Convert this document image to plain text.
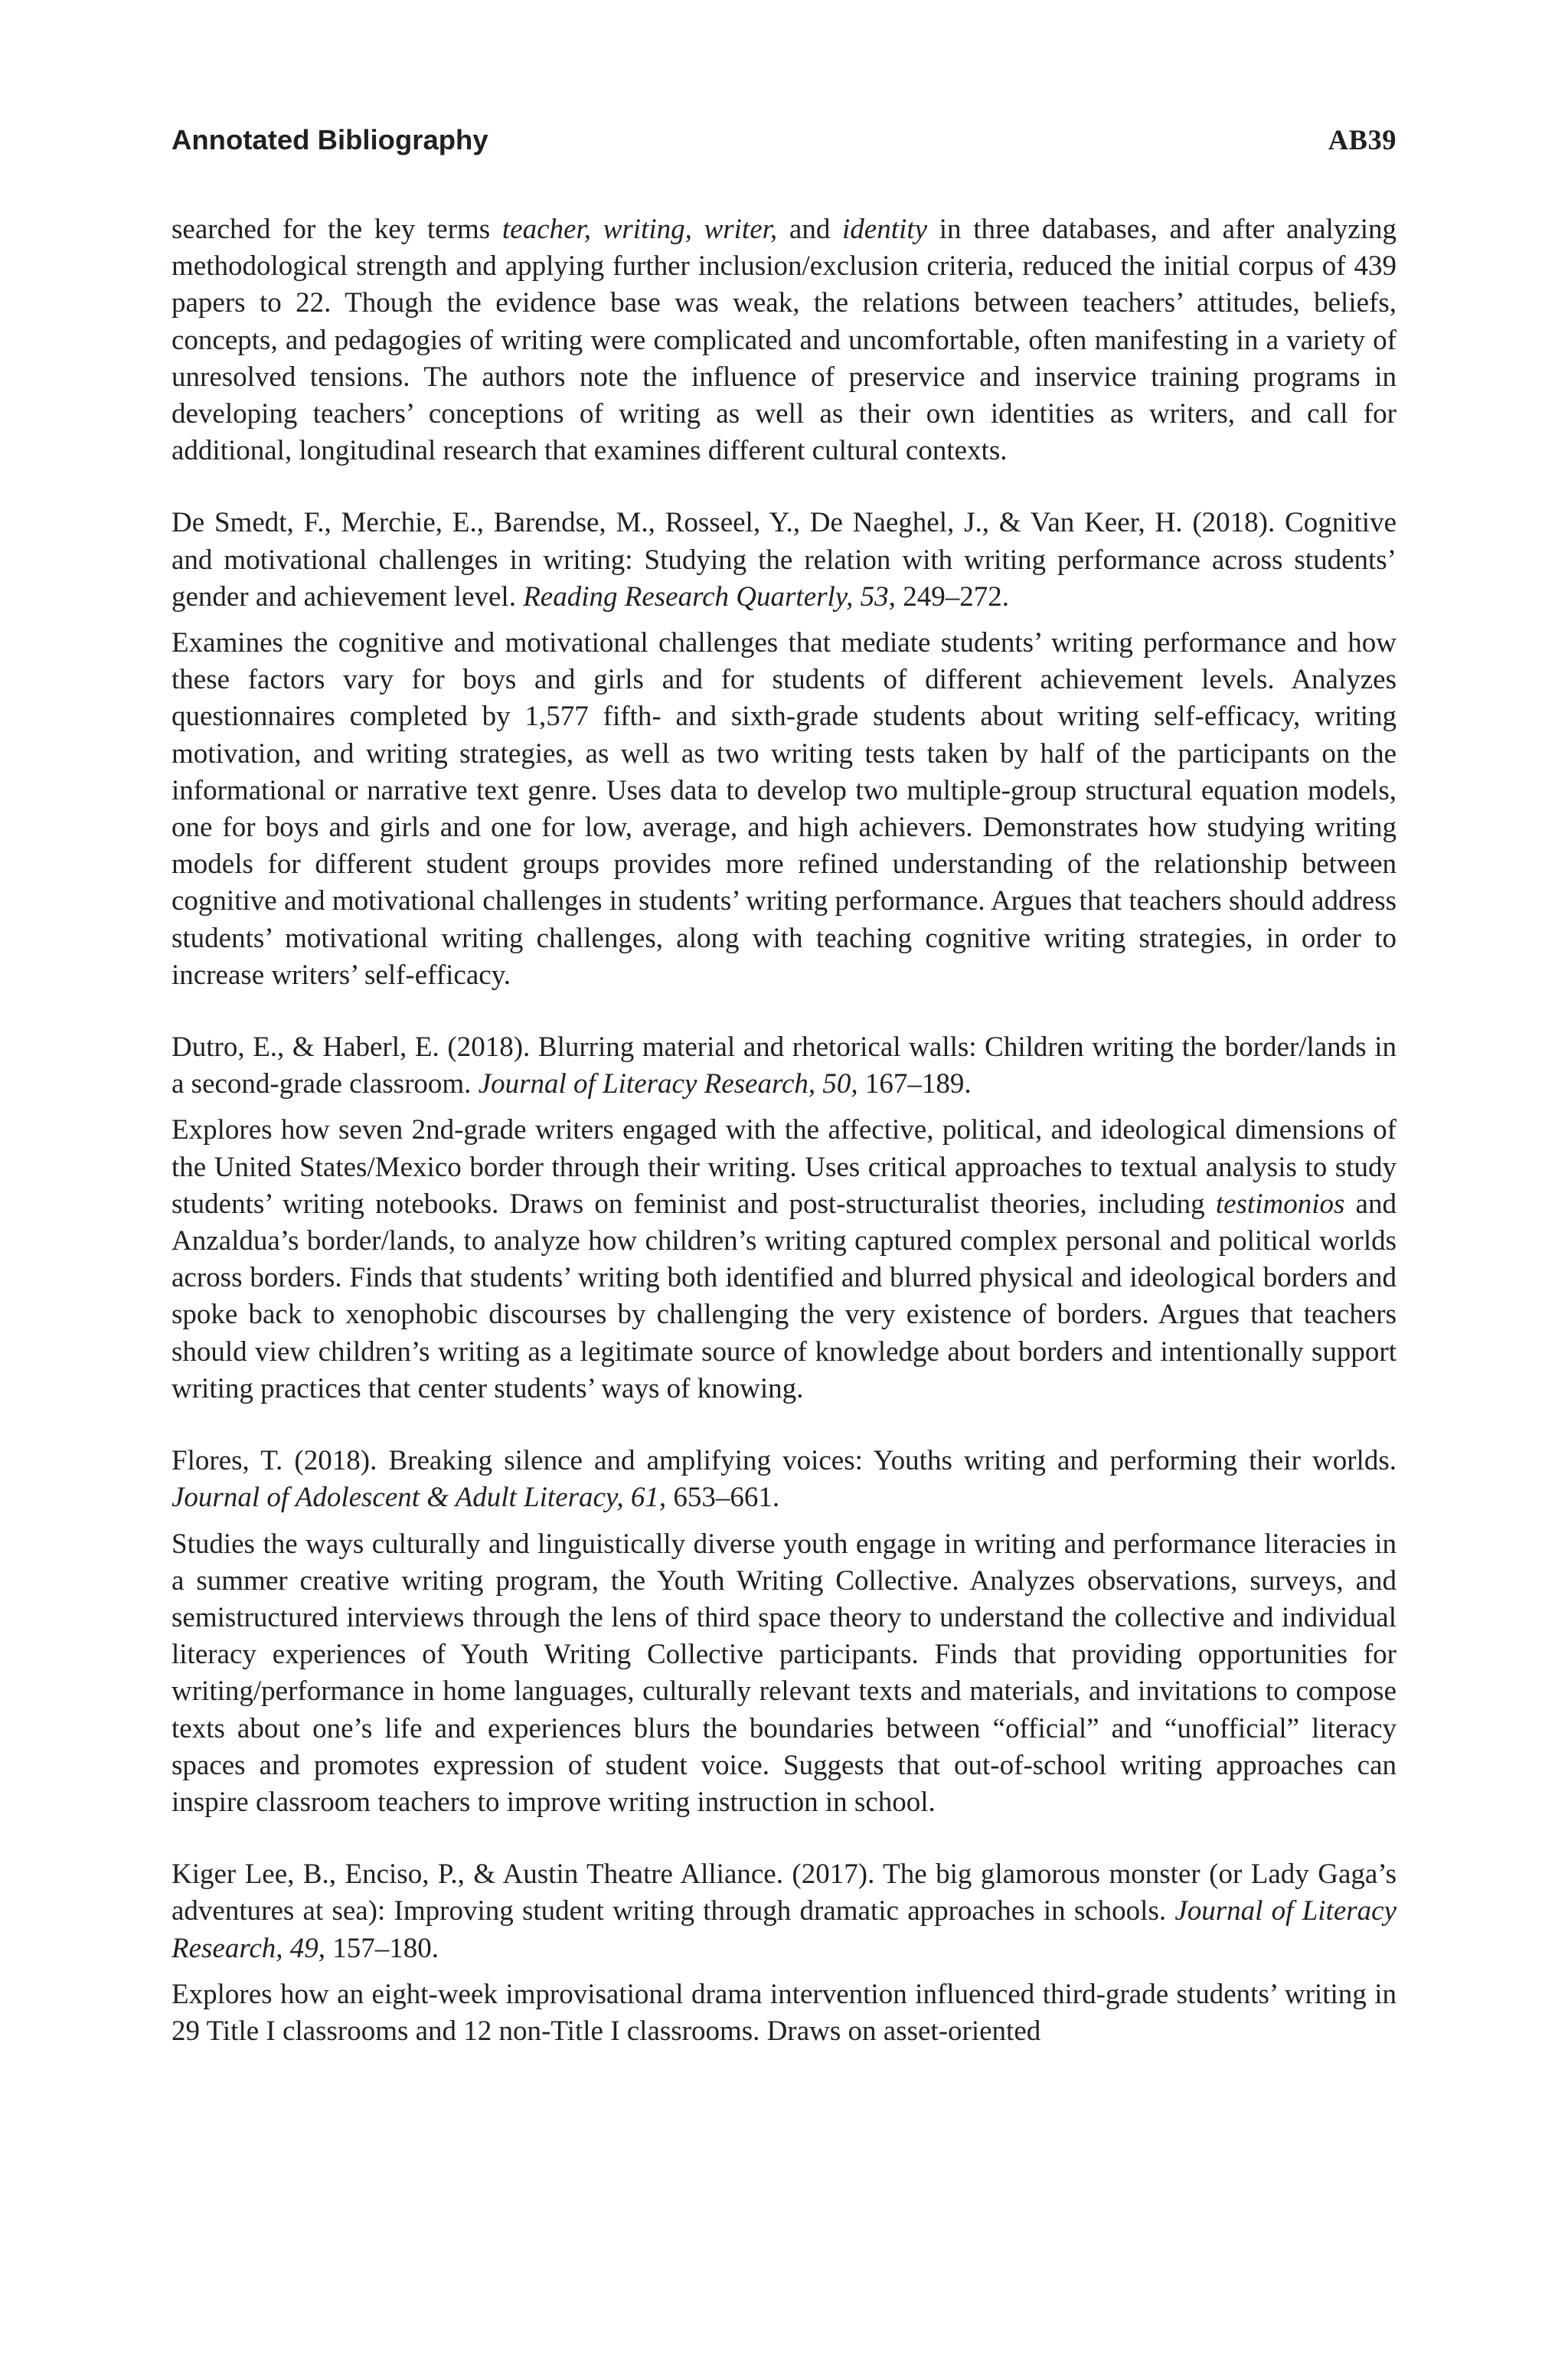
Annotated Bibliography	AB39

searched for the key terms teacher, writing, writer, and identity in three databases, and after analyzing methodological strength and applying further inclusion/exclusion criteria, reduced the initial corpus of 439 papers to 22. Though the evidence base was weak, the relations between teachers’ attitudes, beliefs, concepts, and pedagogies of writing were complicated and uncomfortable, often manifesting in a variety of unresolved tensions. The authors note the influence of preservice and inservice training programs in developing teachers’ conceptions of writing as well as their own identities as writers, and call for additional, longitudinal research that examines different cultural contexts.

De Smedt, F., Merchie, E., Barendse, M., Rosseel, Y., De Naeghel, J., & Van Keer, H. (2018). Cognitive and motivational challenges in writing: Studying the relation with writing performance across students’ gender and achievement level. Reading Research Quarterly, 53, 249–272.

Examines the cognitive and motivational challenges that mediate students’ writing performance and how these factors vary for boys and girls and for students of different achievement levels. Analyzes questionnaires completed by 1,577 fifth- and sixth-grade students about writing self-efficacy, writing motivation, and writing strategies, as well as two writing tests taken by half of the participants on the informational or narrative text genre. Uses data to develop two multiple-group structural equation models, one for boys and girls and one for low, average, and high achievers. Demonstrates how studying writing models for different student groups provides more refined understanding of the relationship between cognitive and motivational challenges in students’ writing performance. Argues that teachers should address students’ motivational writing challenges, along with teaching cognitive writing strategies, in order to increase writers’ self-efficacy.

Dutro, E., & Haberl, E. (2018). Blurring material and rhetorical walls: Children writing the border/lands in a second-grade classroom. Journal of Literacy Research, 50, 167–189.

Explores how seven 2nd-grade writers engaged with the affective, political, and ideological dimensions of the United States/Mexico border through their writing. Uses critical approaches to textual analysis to study students’ writing notebooks. Draws on feminist and post-structuralist theories, including testimonios and Anzaldua’s border/lands, to analyze how children’s writing captured complex personal and political worlds across borders. Finds that students’ writing both identified and blurred physical and ideological borders and spoke back to xenophobic discourses by challenging the very existence of borders. Argues that teachers should view children’s writing as a legitimate source of knowledge about borders and intentionally support writing practices that center students’ ways of knowing.

Flores, T. (2018). Breaking silence and amplifying voices: Youths writing and performing their worlds. Journal of Adolescent & Adult Literacy, 61, 653–661.

Studies the ways culturally and linguistically diverse youth engage in writing and performance literacies in a summer creative writing program, the Youth Writing Collective. Analyzes observations, surveys, and semistructured interviews through the lens of third space theory to understand the collective and individual literacy experiences of Youth Writing Collective participants. Finds that providing opportunities for writing/performance in home languages, culturally relevant texts and materials, and invitations to compose texts about one’s life and experiences blurs the boundaries between “official” and “unofficial” literacy spaces and promotes expression of student voice. Suggests that out-of-school writing approaches can inspire classroom teachers to improve writing instruction in school.

Kiger Lee, B., Enciso, P., & Austin Theatre Alliance. (2017). The big glamorous monster (or Lady Gaga’s adventures at sea): Improving student writing through dramatic approaches in schools. Journal of Literacy Research, 49, 157–180.

Explores how an eight-week improvisational drama intervention influenced third-grade students’ writing in 29 Title I classrooms and 12 non-Title I classrooms. Draws on asset-oriented
